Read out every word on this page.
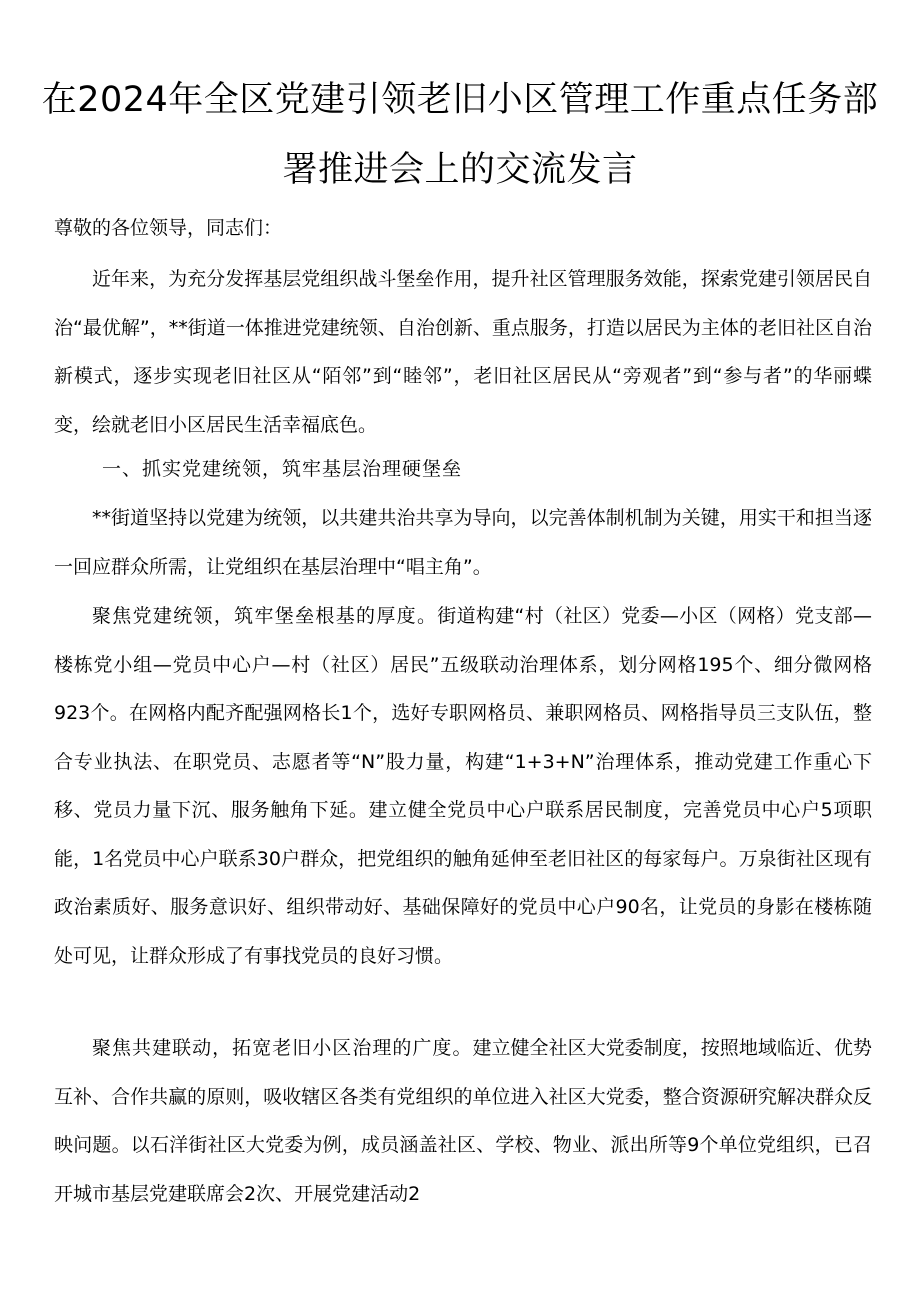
在2024年全区党建引领老旧小区管理工作重点任务部
署推进会上的交流发言

尊敬的各位领导，同志们：

近年来，为充分发挥基层党组织战斗堡垒作用，提升社区管理服务效能，探索党建引领居民自治“最优解”，**街道一体推进党建统领、自治创新、重点服务，打造以居民为主体的老旧社区自治新模式，逐步实现老旧社区从“陌邻”到“睦邻”，老旧社区居民从“旁观者”到“参与者”的华丽蝶变，绘就老旧小区居民生活幸福底色。

一、抓实党建统领，筑牢基层治理硬堡垒

**街道坚持以党建为统领，以共建共治共享为导向，以完善体制机制为关键，用实干和担当逐一回应群众所需，让党组织在基层治理中“唱主角”。

聚焦党建统领，筑牢堡垒根基的厚度。街道构建“村（社区）党委—小区（网格）党支部—楼栋党小组—党员中心户—村（社区）居民”五级联动治理体系，划分网格195个、细分微网格923个。在网格内配齐配强网格长1个，选好专职网格员、兼职网格员、网格指导员三支队伍，整合专业执法、在职党员、志愿者等“N”股力量，构建“1+3+N”治理体系，推动党建工作重心下移、党员力量下沉、服务触角下延。建立健全党员中心户联系居民制度，完善党员中心户5项职能，1名党员中心户联系30户群众，把党组织的触角延伸至老旧社区的每家每户。万泉街社区现有政治素质好、服务意识好、组织带动好、基础保障好的党员中心户90名，让党员的身影在楼栋随处可见，让群众形成了有事找党员的良好习惯。

聚焦共建联动，拓宽老旧小区治理的广度。建立健全社区大党委制度，按照地域临近、优势互补、合作共赢的原则，吸收辖区各类有党组织的单位进入社区大党委，整合资源研究解决群众反映问题。以石洋街社区大党委为例，成员涵盖社区、学校、物业、派出所等9个单位党组织，已召开城市基层党建联席会2次、开展党建活动2
